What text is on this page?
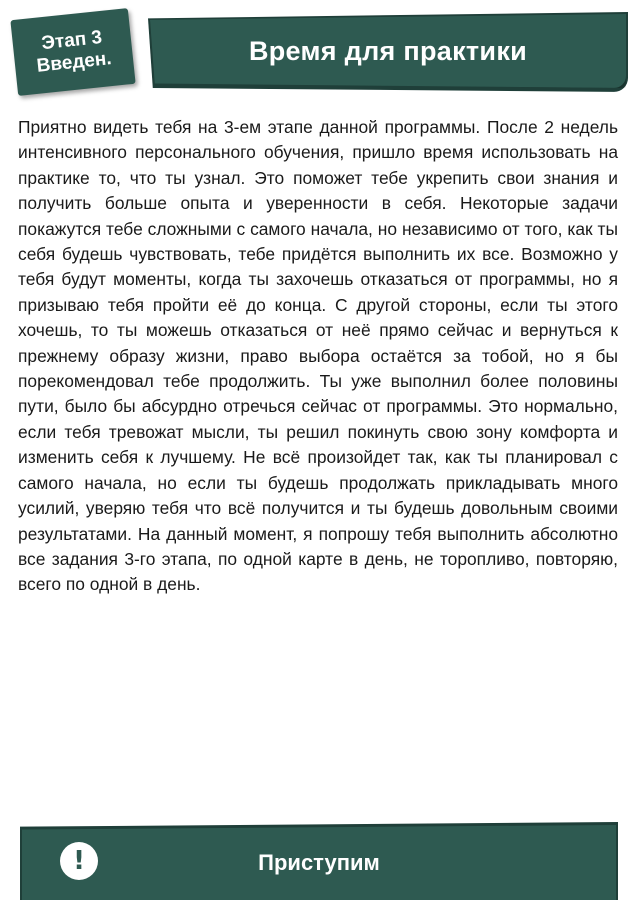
Этап 3
Введен.	Время для практики

Приятно видеть тебя на 3-ем этапе данной программы. После 2 недель интенсивного персонального обучения, пришло время использовать на практике то, что ты узнал. Это поможет тебе укрепить свои знания и получить больше опыта и уверенности в себя. Некоторые задачи покажутся тебе сложными с самого начала, но независимо от того, как ты себя будешь чувствовать, тебе придётся выполнить их все. Возможно у тебя будут моменты, когда ты захочешь отказаться от программы, но я призываю тебя пройти её до конца. С другой стороны, если ты этого хочешь, то ты можешь отказаться от неё прямо сейчас и вернуться к прежнему образу жизни, право выбора остаётся за тобой, но я бы порекомендовал тебе продолжить. Ты уже выполнил более половины пути, было бы абсурдно отречься сейчас от программы. Это нормально, если тебя тревожат мысли, ты решил покинуть свою зону комфорта и изменить себя к лучшему. Не всё произойдет так, как ты планировал с самого начала, но если ты будешь продолжать прикладывать много усилий, уверяю тебя что всё получится и ты будешь довольным своими результатами. На данный момент, я попрошу тебя выполнить абсолютно все задания 3-го этапа, по одной карте в день, не торопливо, повторяю, всего по одной в день.

!	Приступим
